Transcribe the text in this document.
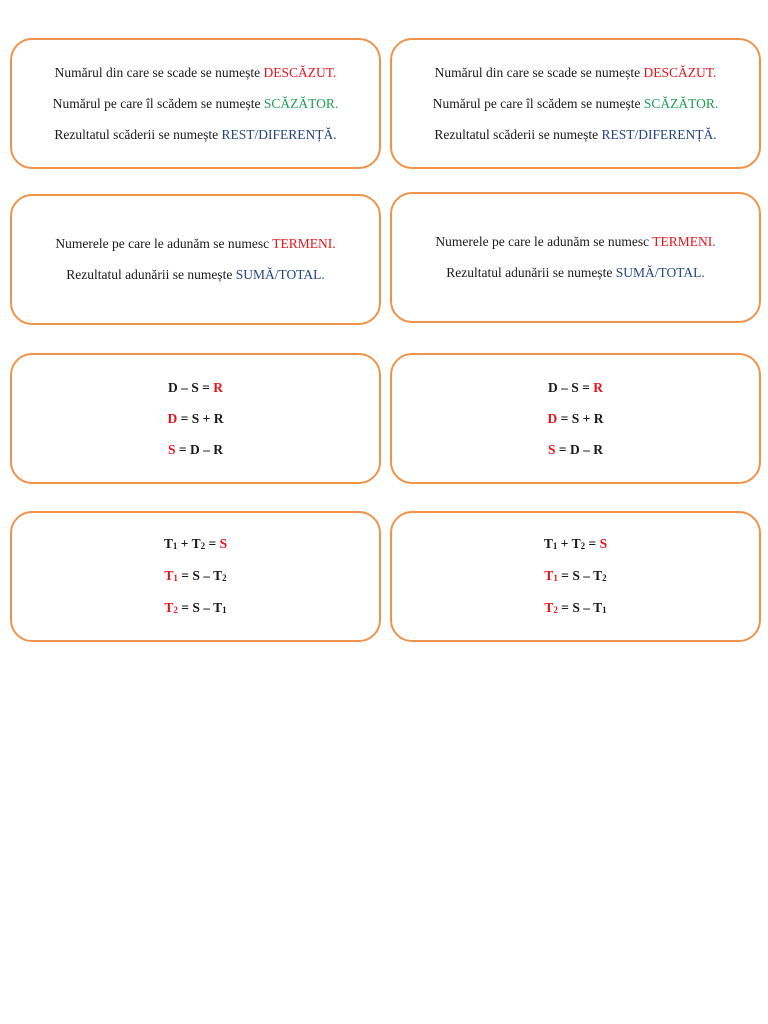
Numărul din care se scade se numește DESCĂZUT.
Numărul pe care îl scădem se numește SCĂZĂTOR.
Rezultatul scăderii se numește REST/DIFERENȚĂ.
Numărul din care se scade se numește DESCĂZUT.
Numărul pe care îl scădem se numește SCĂZĂTOR.
Rezultatul scăderii se numește REST/DIFERENȚĂ.
Numerele pe care le adunăm se numesc TERMENI.
Rezultatul adunării se numește SUMĂ/TOTAL.
Numerele pe care le adunăm se numesc TERMENI.
Rezultatul adunării se numește SUMĂ/TOTAL.
D – S = R
D = S + R
S = D – R
D – S = R
D = S + R
S = D – R
$T_1 + T_2 = S$
$T_1 = S - T_2$
$T_2 = S - T_1$
$T_1 + T_2 = S$
$T_1 = S - T_2$
$T_2 = S - T_1$
